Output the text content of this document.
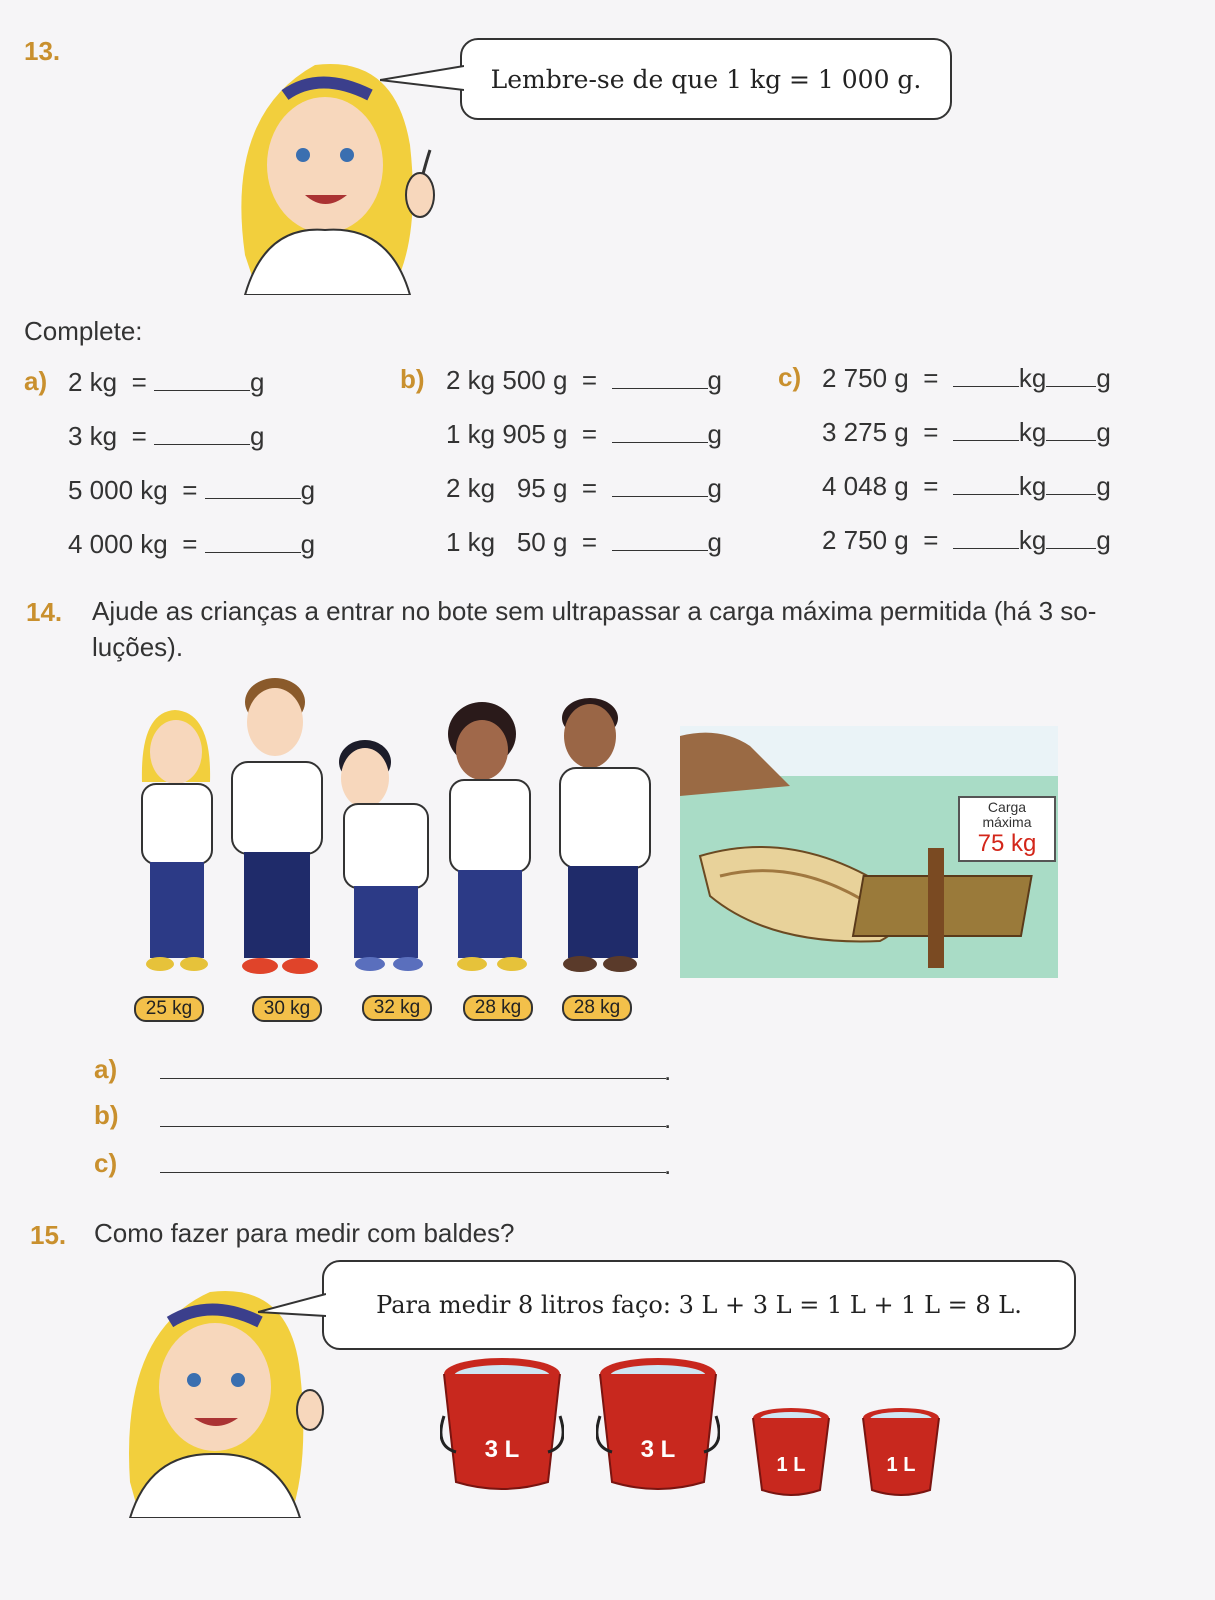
13.
Lembre-se de que 1 kg = 1 000 g.
Complete:
a) 2 kg =	g
3 kg =	g
5 000 kg =	g
4 000 kg =	g
b) 2 kg 500 g =	g
1 kg 905 g =	g
2 kg   95 g =	g
1 kg   50 g =	g
c) 2 750 g =	kg g
3 275 g =	kg g
4 048 g =	kg g
2 750 g =	kg g
14. Ajude as crianças a entrar no bote sem ultrapassar a carga máxima permitida (há 3 so-
luções).
25 kg	30 kg	32 kg	28 kg	28 kg
Carga
máxima
75 kg
a)	.
b)	.
c)	.
15. Como fazer para medir com baldes?
Para medir 8 litros faço: 3 L + 3 L = 1 L + 1 L = 8 L.
3 L	3 L
1 L	1 L
